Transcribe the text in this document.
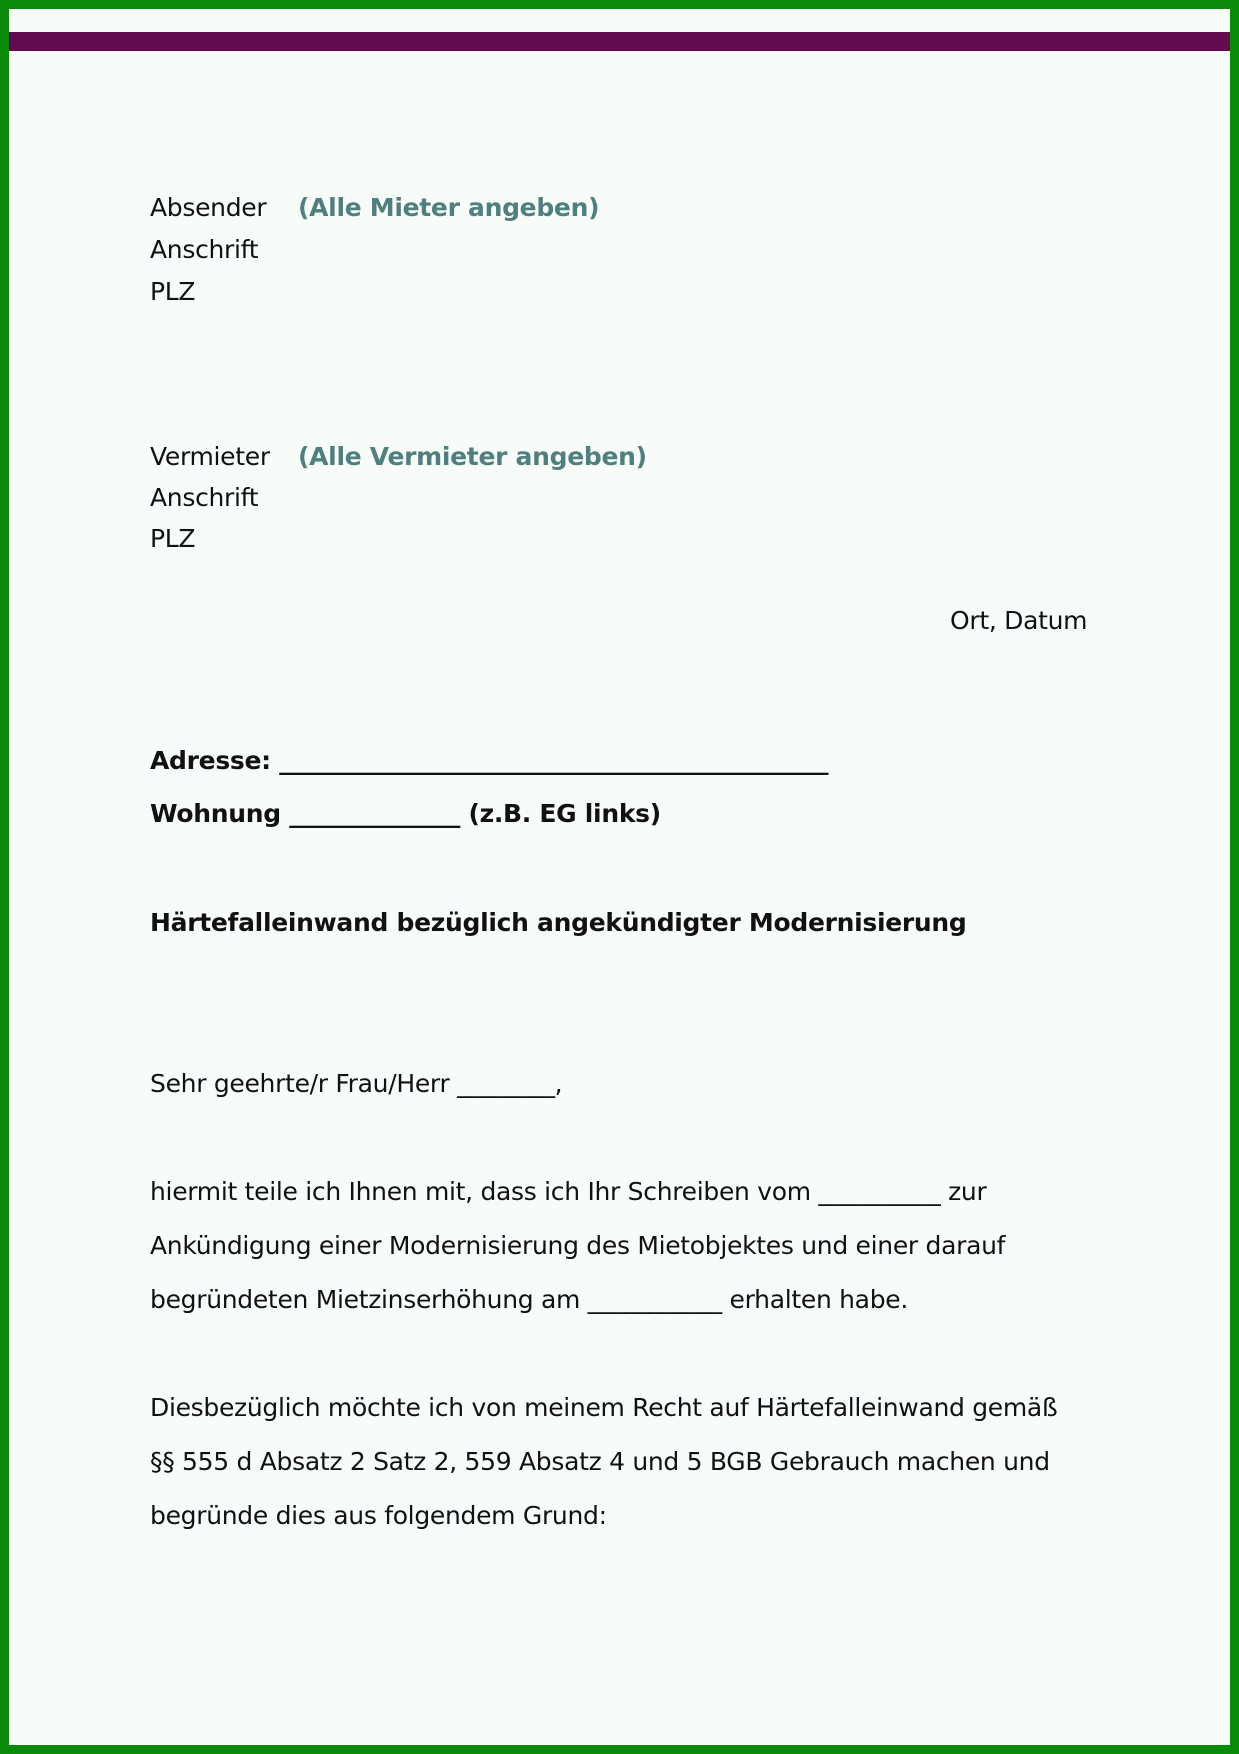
Absender (Alle Mieter angeben)
Anschrift
PLZ
Vermieter (Alle Vermieter angeben)
Anschrift
PLZ
Ort, Datum
Adresse: _____________________________________________
Wohnung ______________ (z.B. EG links)
Härtefalleinwand bezüglich angekündigter Modernisierung
Sehr geehrte/r Frau/Herr ________,
hiermit teile ich Ihnen mit, dass ich Ihr Schreiben vom __________ zur
Ankündigung einer Modernisierung des Mietobjektes und einer darauf
begründeten Mietzinserhöhung am ___________ erhalten habe.
Diesbezüglich möchte ich von meinem Recht auf Härtefalleinwand gemäß
§§ 555 d Absatz 2 Satz 2, 559 Absatz 4 und 5 BGB Gebrauch machen und
begründe dies aus folgendem Grund:
